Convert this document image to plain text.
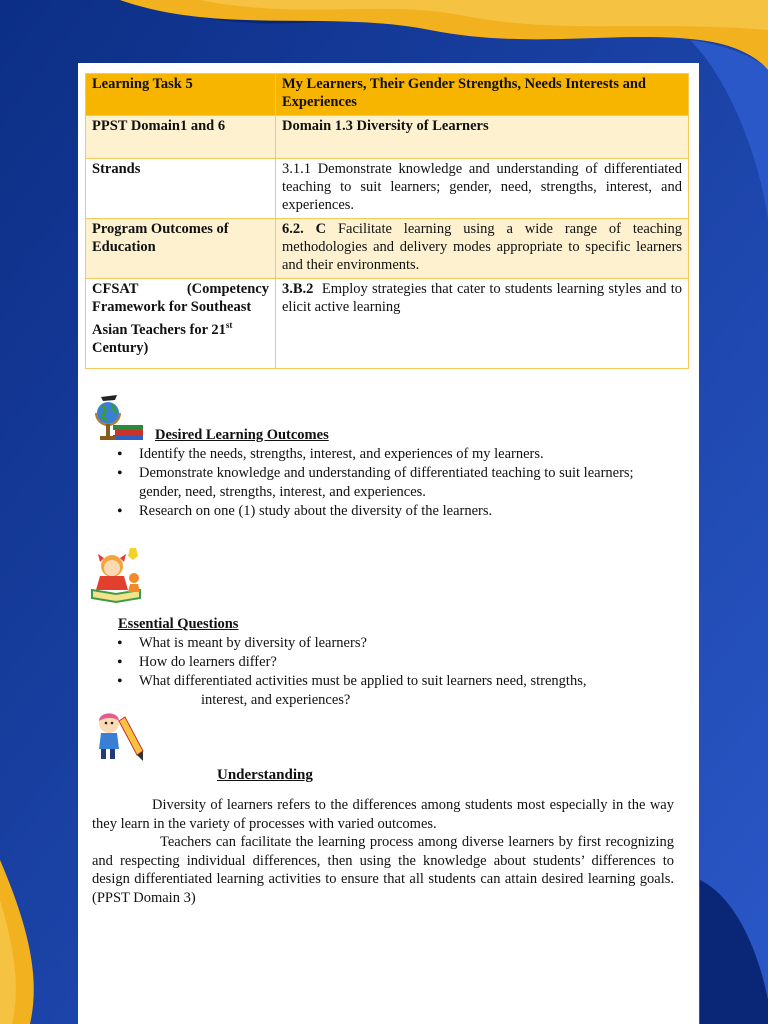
Learning Task 5	My Learners, Their Gender Strengths, Needs Interests and Experiences
PPST Domain1 and 6	Domain 1.3 Diversity of Learners
Strands	3.1.1 Demonstrate knowledge and understanding of differentiated teaching to suit learners; gender, need, strengths, interest, and experiences.
Program Outcomes of Education	6.2. C Facilitate learning using a wide range of teaching methodologies and delivery modes appropriate to specific learners and their environments.

CFSAT (Competency
Framework for Southeast Asian Teachers for 21st
Century)	3.B.2 Employ strategies that cater to students learning styles and to elicit active learning
Desired Learning Outcomes
• Identify the needs, strengths, interest, and experiences of my learners.
• Demonstrate knowledge and understanding of differentiated teaching to suit learners; gender, need, strengths, interest, and experiences.
• Research on one (1) study about the diversity of the learners.
Essential Questions
• What is meant by diversity of learners?
• How do learners differ?
• What differentiated activities must be applied to suit learners need, strengths,
interest, and experiences?
Understanding
Diversity of learners refers to the differences among students most especially in the way they learn in the variety of processes with varied outcomes.
Teachers can facilitate the learning process among diverse learners by first recognizing and respecting individual differences, then using the knowledge about students’ differences to design differentiated learning activities to ensure that all students can attain desired learning goals. (PPST Domain 3)
